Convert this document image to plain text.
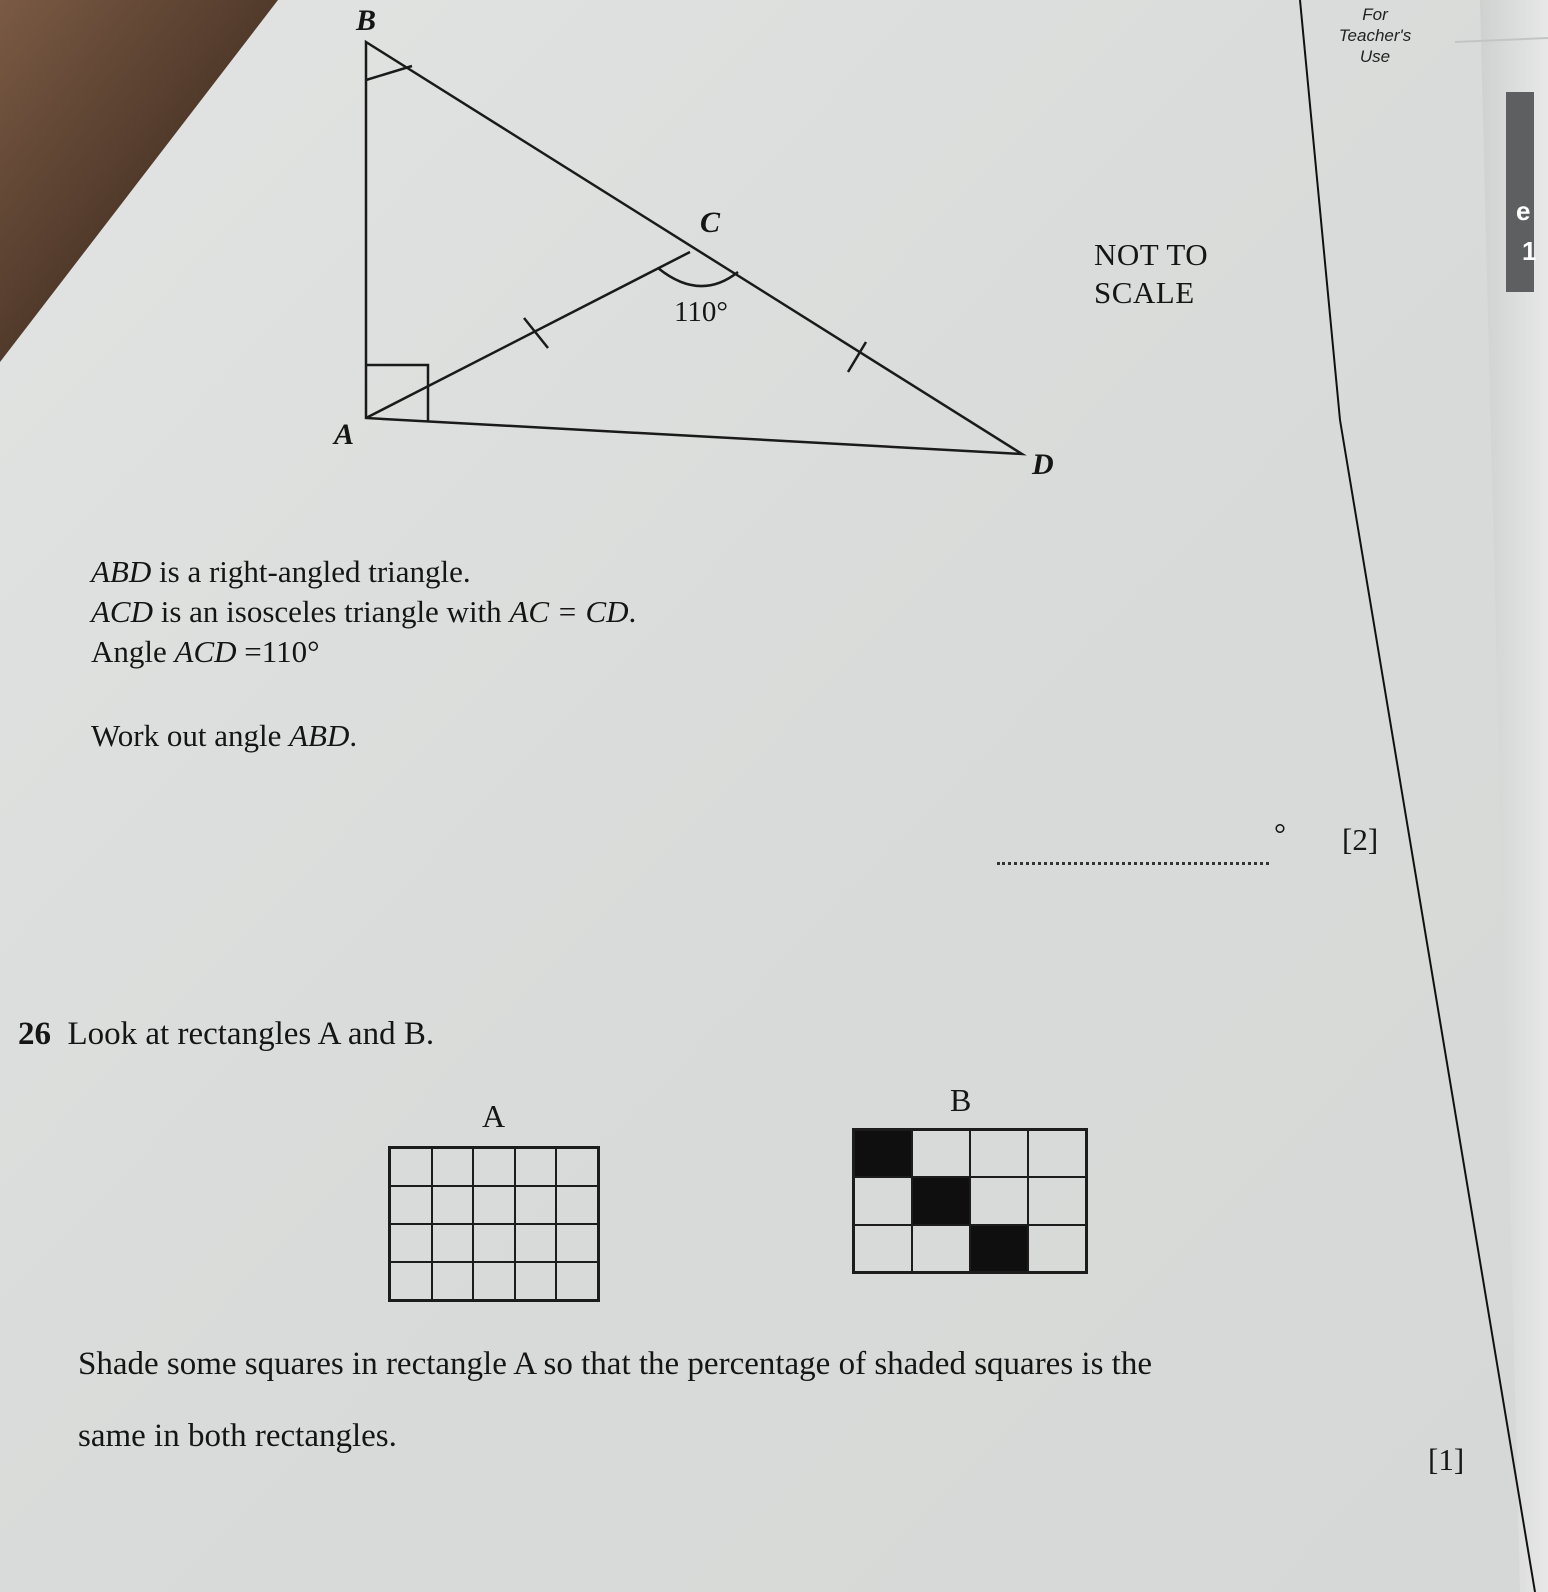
For
Teacher's
Use
e
1
B
C
A
D
110°
NOT TO
SCALE
ABD is a right-angled triangle.
ACD is an isosceles triangle with AC = CD.
Angle ACD =110°
Work out angle ABD.
° [2]
26 Look at rectangles A and B.
A	B
Shade some squares in rectangle A so that the percentage of shaded squares is the
same in both rectangles.
[1]
